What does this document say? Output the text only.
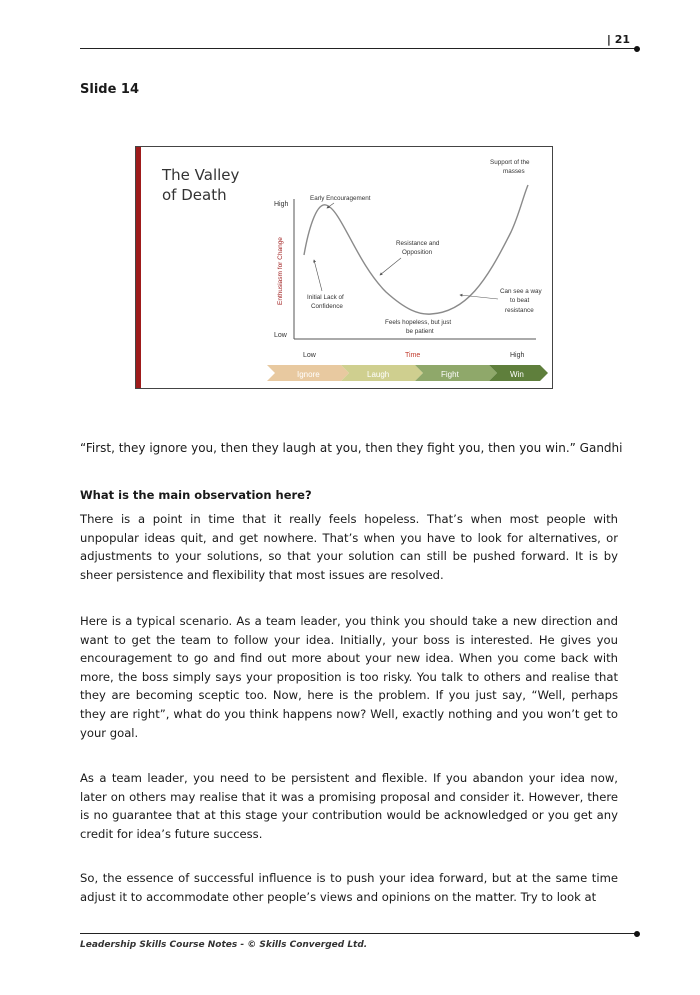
| 21
Slide 14
The Valley
of Death
High
Low
Enthusiasm for Change
Low	Time	High
Early Encouragement
Initial Lack of
Confidence
Resistance and
Opposition
Feels hopeless, but just
be patient
Can see a way
to beat
resistance
Support of the
masses
Ignore	Laugh	Fight	Win
“First, they ignore you, then they laugh at you, then they fight you, then you win.” Gandhi
What is the main observation here?

There is a point in time that it really feels hopeless. That’s when most people with unpopular ideas quit, and get nowhere. That’s when you have to look for alternatives, or adjustments to your solutions, so that your solution can still be pushed forward. It is by sheer persistence and flexibility that most issues are resolved.

Here is a typical scenario. As a team leader, you think you should take a new direction and want to get the team to follow your idea. Initially, your boss is interested. He gives you encouragement to go and find out more about your new idea. When you come back with more, the boss simply says your proposition is too risky. You talk to others and realise that they are becoming sceptic too. Now, here is the problem. If you just say, “Well, perhaps they are right”, what do you think happens now? Well, exactly nothing and you won’t get to your goal.

As a team leader, you need to be persistent and flexible. If you abandon your idea now, later on others may realise that it was a promising proposal and consider it. However, there is no guarantee that at this stage your contribution would be acknowledged or you get any credit for idea’s future success.

So, the essence of successful influence is to push your idea forward, but at the same time adjust it to accommodate other people’s views and opinions on the matter. Try to look at

Leadership Skills Course Notes - © Skills Converged Ltd.
